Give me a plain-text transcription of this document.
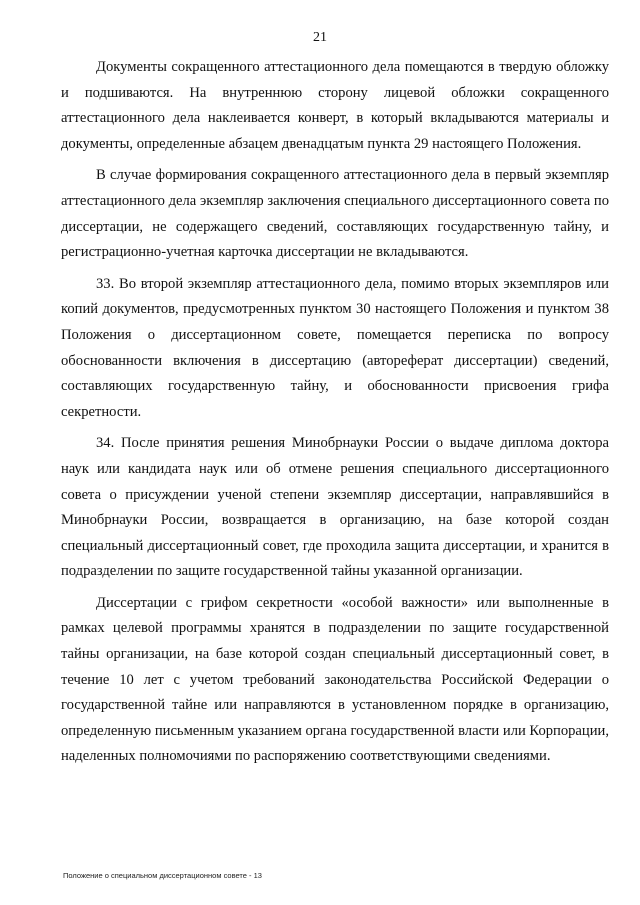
21

Документы сокращенного аттестационного дела помещаются в твердую обложку и подшиваются. На внутреннюю сторону лицевой обложки сокращенного аттестационного дела наклеивается конверт, в который вкладываются материалы и документы, определенные абзацем двенадцатым пункта 29 настоящего Положения.

В случае формирования сокращенного аттестационного дела в первый экземпляр аттестационного дела экземпляр заключения специального диссертационного совета по диссертации, не содержащего сведений, составляющих государственную тайну, и регистрационно-учетная карточка диссертации не вкладываются.

33. Во второй экземпляр аттестационного дела, помимо вторых экземпляров или копий документов, предусмотренных пунктом 30 настоящего Положения и пунктом 38 Положения о диссертационном совете, помещается переписка по вопросу обоснованности включения в диссертацию (автореферат диссертации) сведений, составляющих государственную тайну, и обоснованности присвоения грифа секретности.

34. После принятия решения Минобрнауки России о выдаче диплома доктора наук или кандидата наук или об отмене решения специального диссертационного совета о присуждении ученой степени экземпляр диссертации, направлявшийся в Минобрнауки России, возвращается в организацию, на базе которой создан специальный диссертационный совет, где проходила защита диссертации, и хранится в подразделении по защите государственной тайны указанной организации.

Диссертации с грифом секретности «особой важности» или выполненные в рамках целевой программы хранятся в подразделении по защите государственной тайны организации, на базе которой создан специальный диссертационный совет, в течение 10 лет с учетом требований законодательства Российской Федерации о государственной тайне или направляются в установленном порядке в организацию, определенную письменным указанием органа государственной власти или Корпорации, наделенных полномочиями по распоряжению соответствующими сведениями.

Положение о специальном диссертационном совете - 13
